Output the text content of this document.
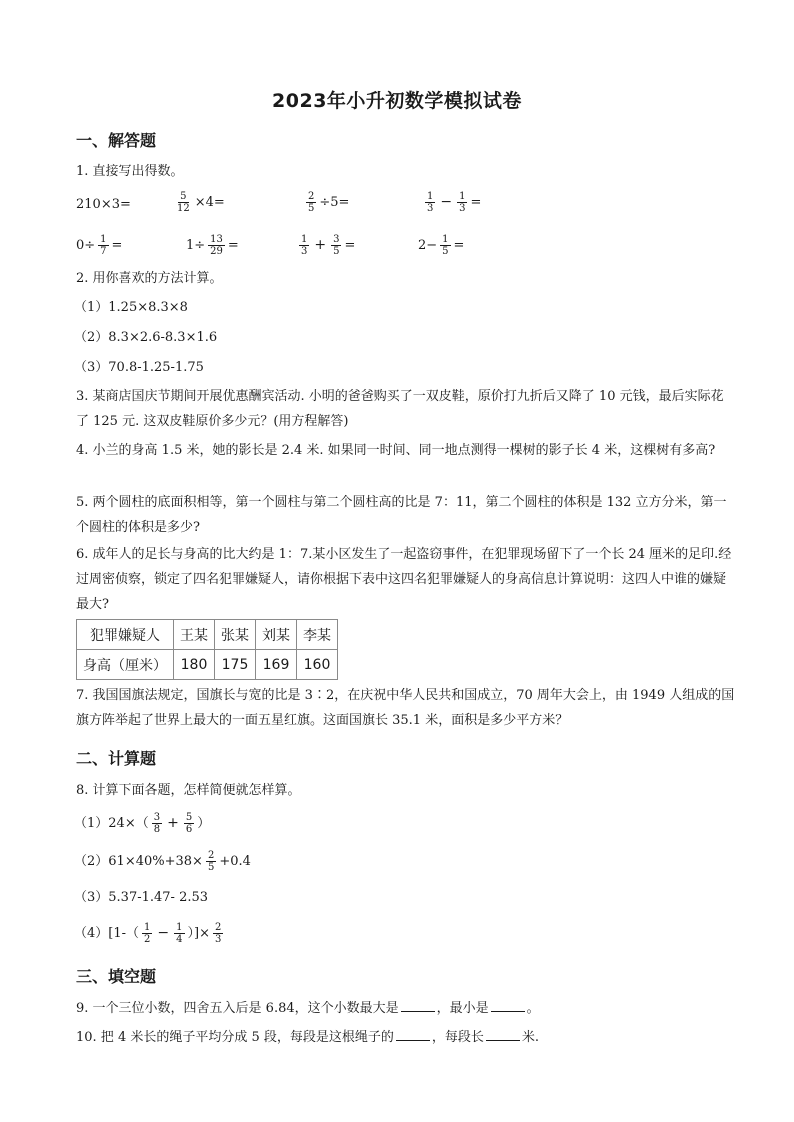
2023年小升初数学模拟试卷
一、解答题
1. 直接写出得数。
210×3=	$\frac{5}{12} \times 4=$	$\frac{2}{5} \div 5=$	$\frac{1}{3} - \frac{1}{3}$ =
$0\div \frac{1}{7}$ =	$1\div \frac{13}{29}$ =	$\frac{1}{3} + \frac{3}{5}$ =	$2- \frac{1}{5}$ =
2. 用你喜欢的方法计算。
（1）1.25×8.3×8
（2）8.3×2.6-8.3×1.6
（3）70.8-1.25-1.75
3. 某商店国庆节期间开展优惠酬宾活动. 小明的爸爸购买了一双皮鞋，原价打九折后又降了 10 元钱，最后实际花了 125 元. 这双皮鞋原价多少元？(用方程解答)
4. 小兰的身高 1.5 米，她的影长是 2.4 米. 如果同一时间、同一地点测得一棵树的影子长 4 米，这棵树有多高?
5. 两个圆柱的底面积相等，第一个圆柱与第二个圆柱高的比是 7：11，第二个圆柱的体积是 132 立方分米，第一个圆柱的体积是多少?
6. 成年人的足长与身高的比大约是 1：7.某小区发生了一起盗窃事件，在犯罪现场留下了一个长 24 厘米的足印.经过周密侦察，锁定了四名犯罪嫌疑人，请你根据下表中这四名犯罪嫌疑人的身高信息计算说明：这四人中谁的嫌疑最大?
犯罪嫌疑人	王某	张某	刘某	李某
身高（厘米）	180	175	169	160
7. 我国国旗法规定，国旗长与宽的比是 3∶2，在庆祝中华人民共和国成立，70 周年大会上，由 1949 人组成的国旗方阵举起了世界上最大的一面五星红旗。这面国旗长 35.1 米，面积是多少平方米？
二、计算题
8. 计算下面各题，怎样简便就怎样算。
$(1)24\times( \frac{3}{8} + \frac{5}{6}$ ）
$(2)61\times 40\%+38\times \frac{2}{5} +0.4$
（3）5.37-1.47- 2.53
$(4)[1-( \frac{1}{2} - \frac{1}{4}$ ）]× $\frac{2}{3}$
三、填空题
9. 一个三位小数，四舍五入后是 6.84，这个小数最大是	，最小是	。
10. 把 4 米长的绳子平均分成 5 段，每段是这根绳子的	，每段长	米.
